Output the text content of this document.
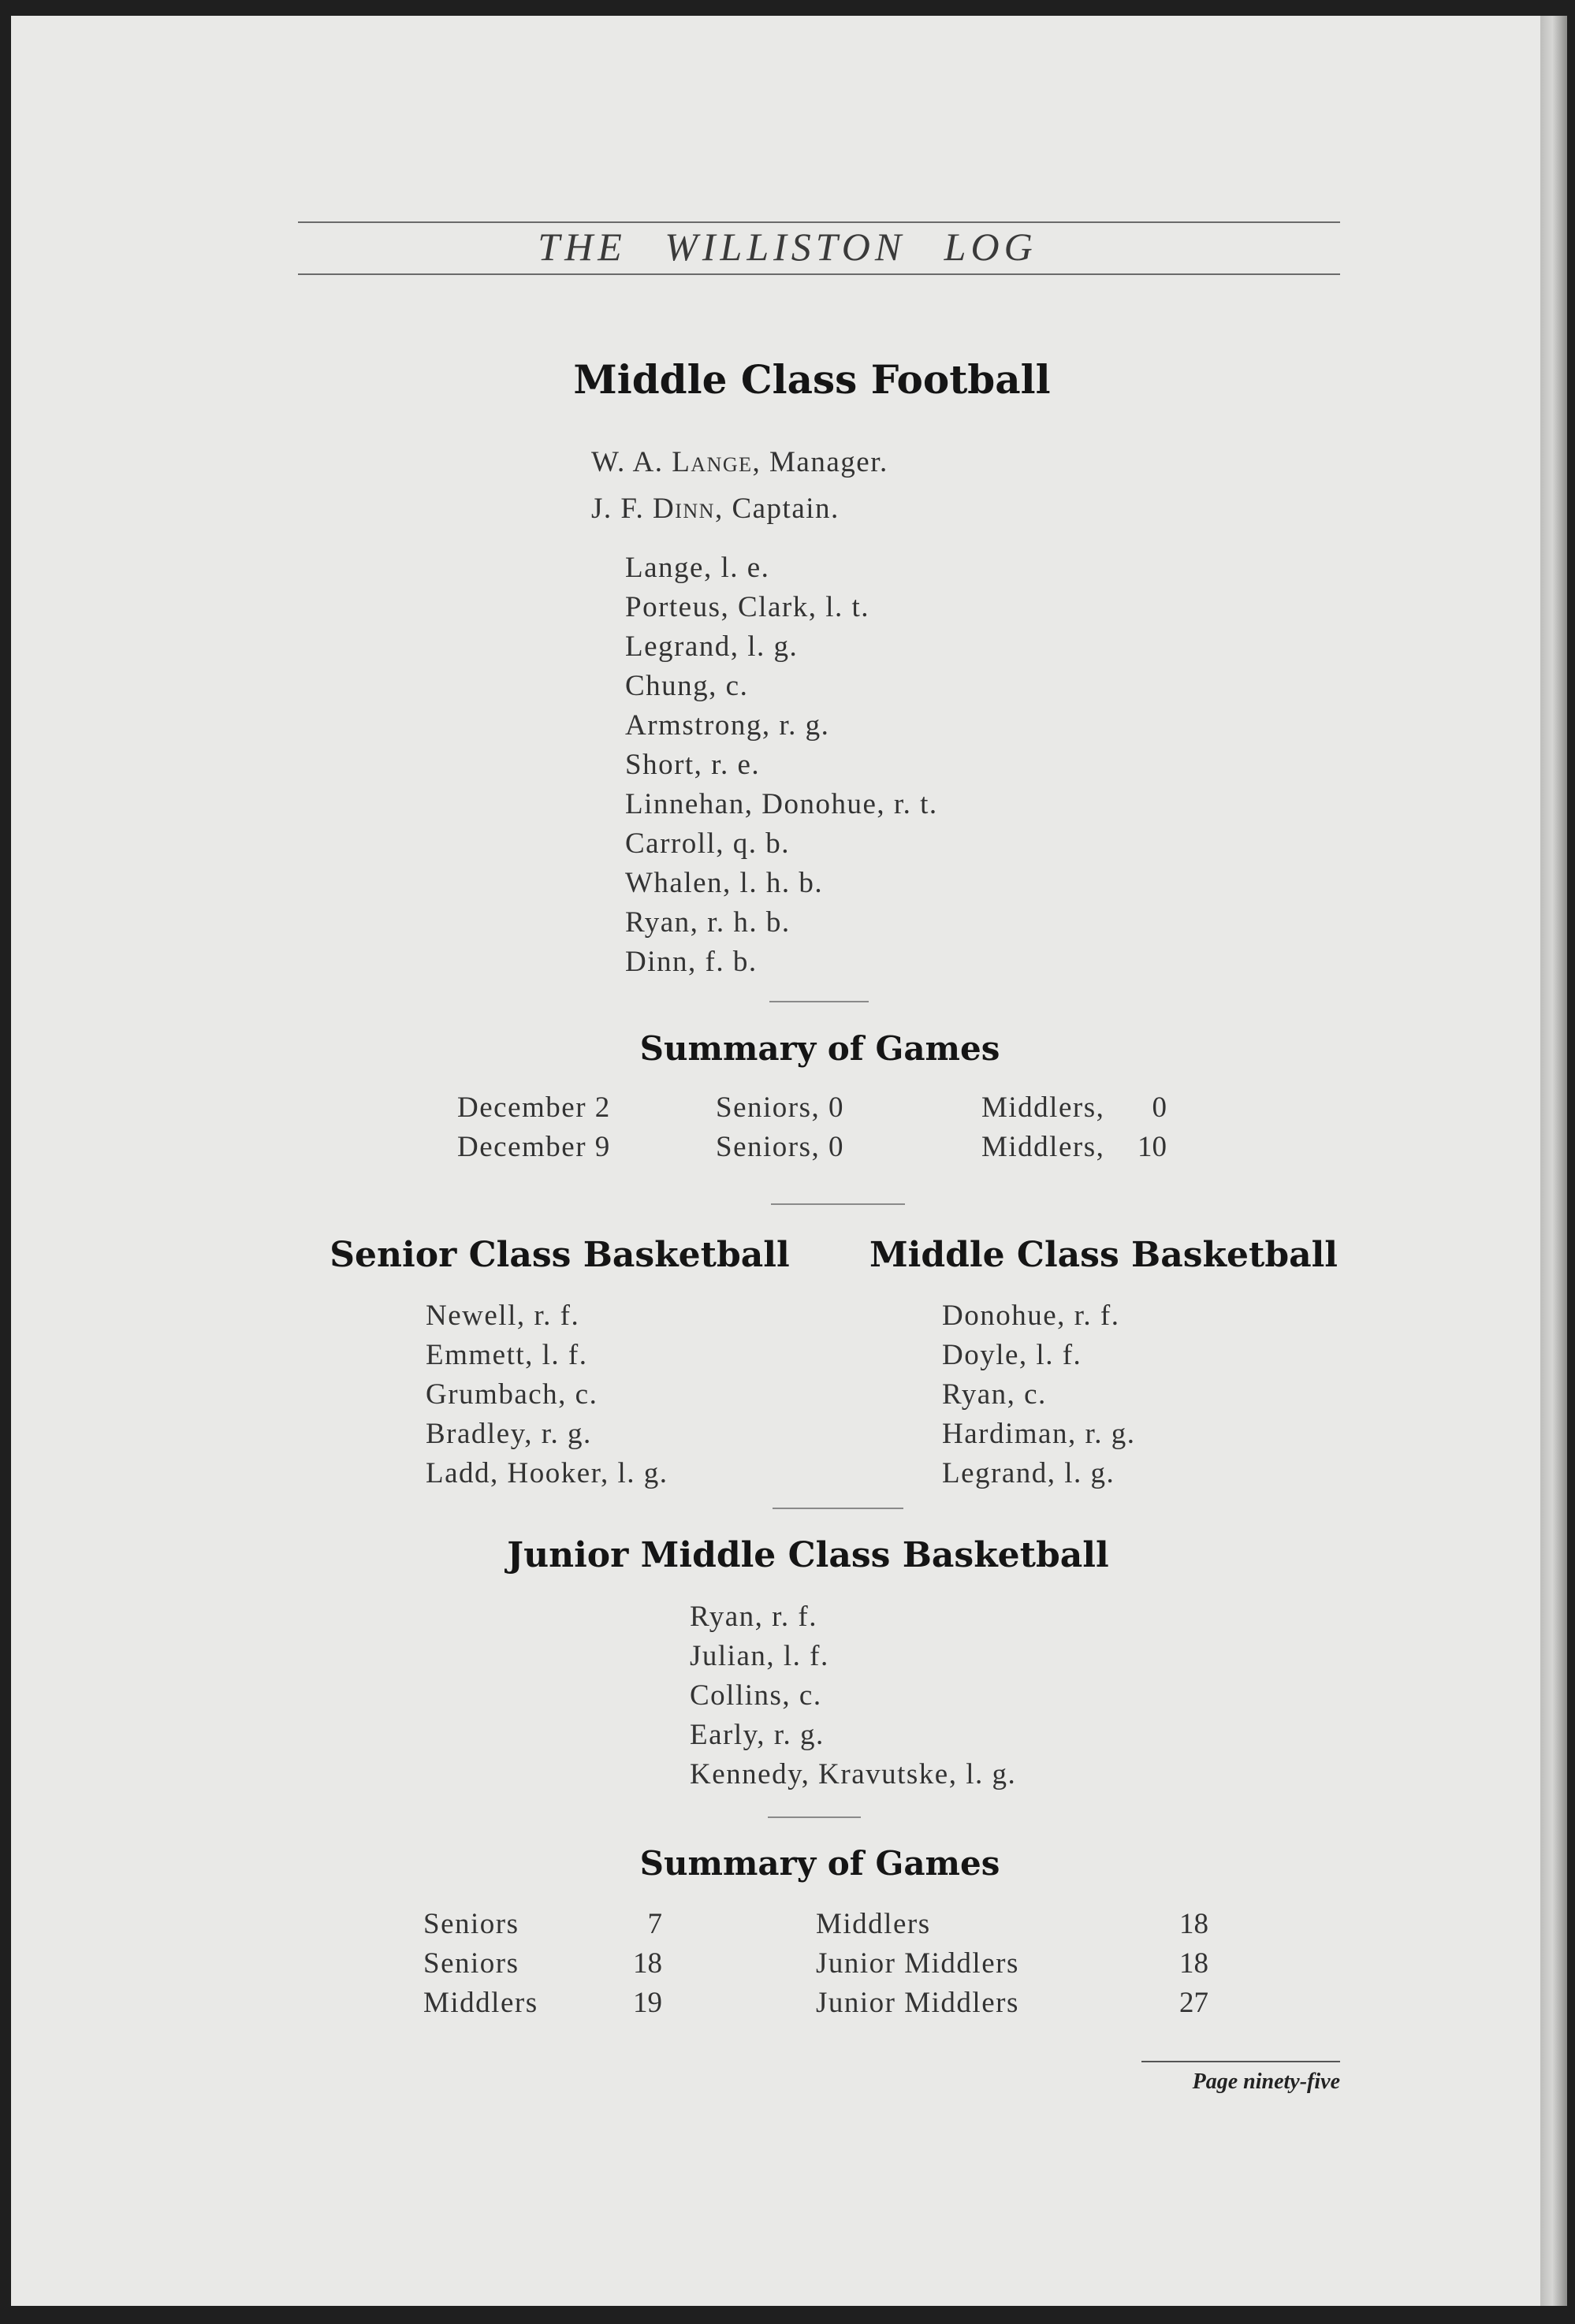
THE WILLISTON LOG
Middle Class Football
W. A. Lange, Manager.
J. F. Dinn, Captain.
Lange, l. e.
Porteus, Clark, l. t.
Legrand, l. g.
Chung, c.
Armstrong, r. g.
Short, r. e.
Linnehan, Donohue, r. t.
Carroll, q. b.
Whalen, l. h. b.
Ryan, r. h. b.
Dinn, f. b.
Summary of Games
December 2	Seniors, 0	Middlers,	0
December 9	Seniors, 0	Middlers,	10
Senior Class Basketball
Newell, r. f.
Emmett, l. f.
Grumbach, c.
Bradley, r. g.
Ladd, Hooker, l. g.
Middle Class Basketball
Donohue, r. f.
Doyle, l. f.
Ryan, c.
Hardiman, r. g.
Legrand, l. g.
Junior Middle Class Basketball
Ryan, r. f.
Julian, l. f.
Collins, c.
Early, r. g.
Kennedy, Kravutske, l. g.
Summary of Games
Seniors	7	Middlers	18
Seniors	18	Junior Middlers	18
Middlers	19	Junior Middlers	27
Page ninety-five
